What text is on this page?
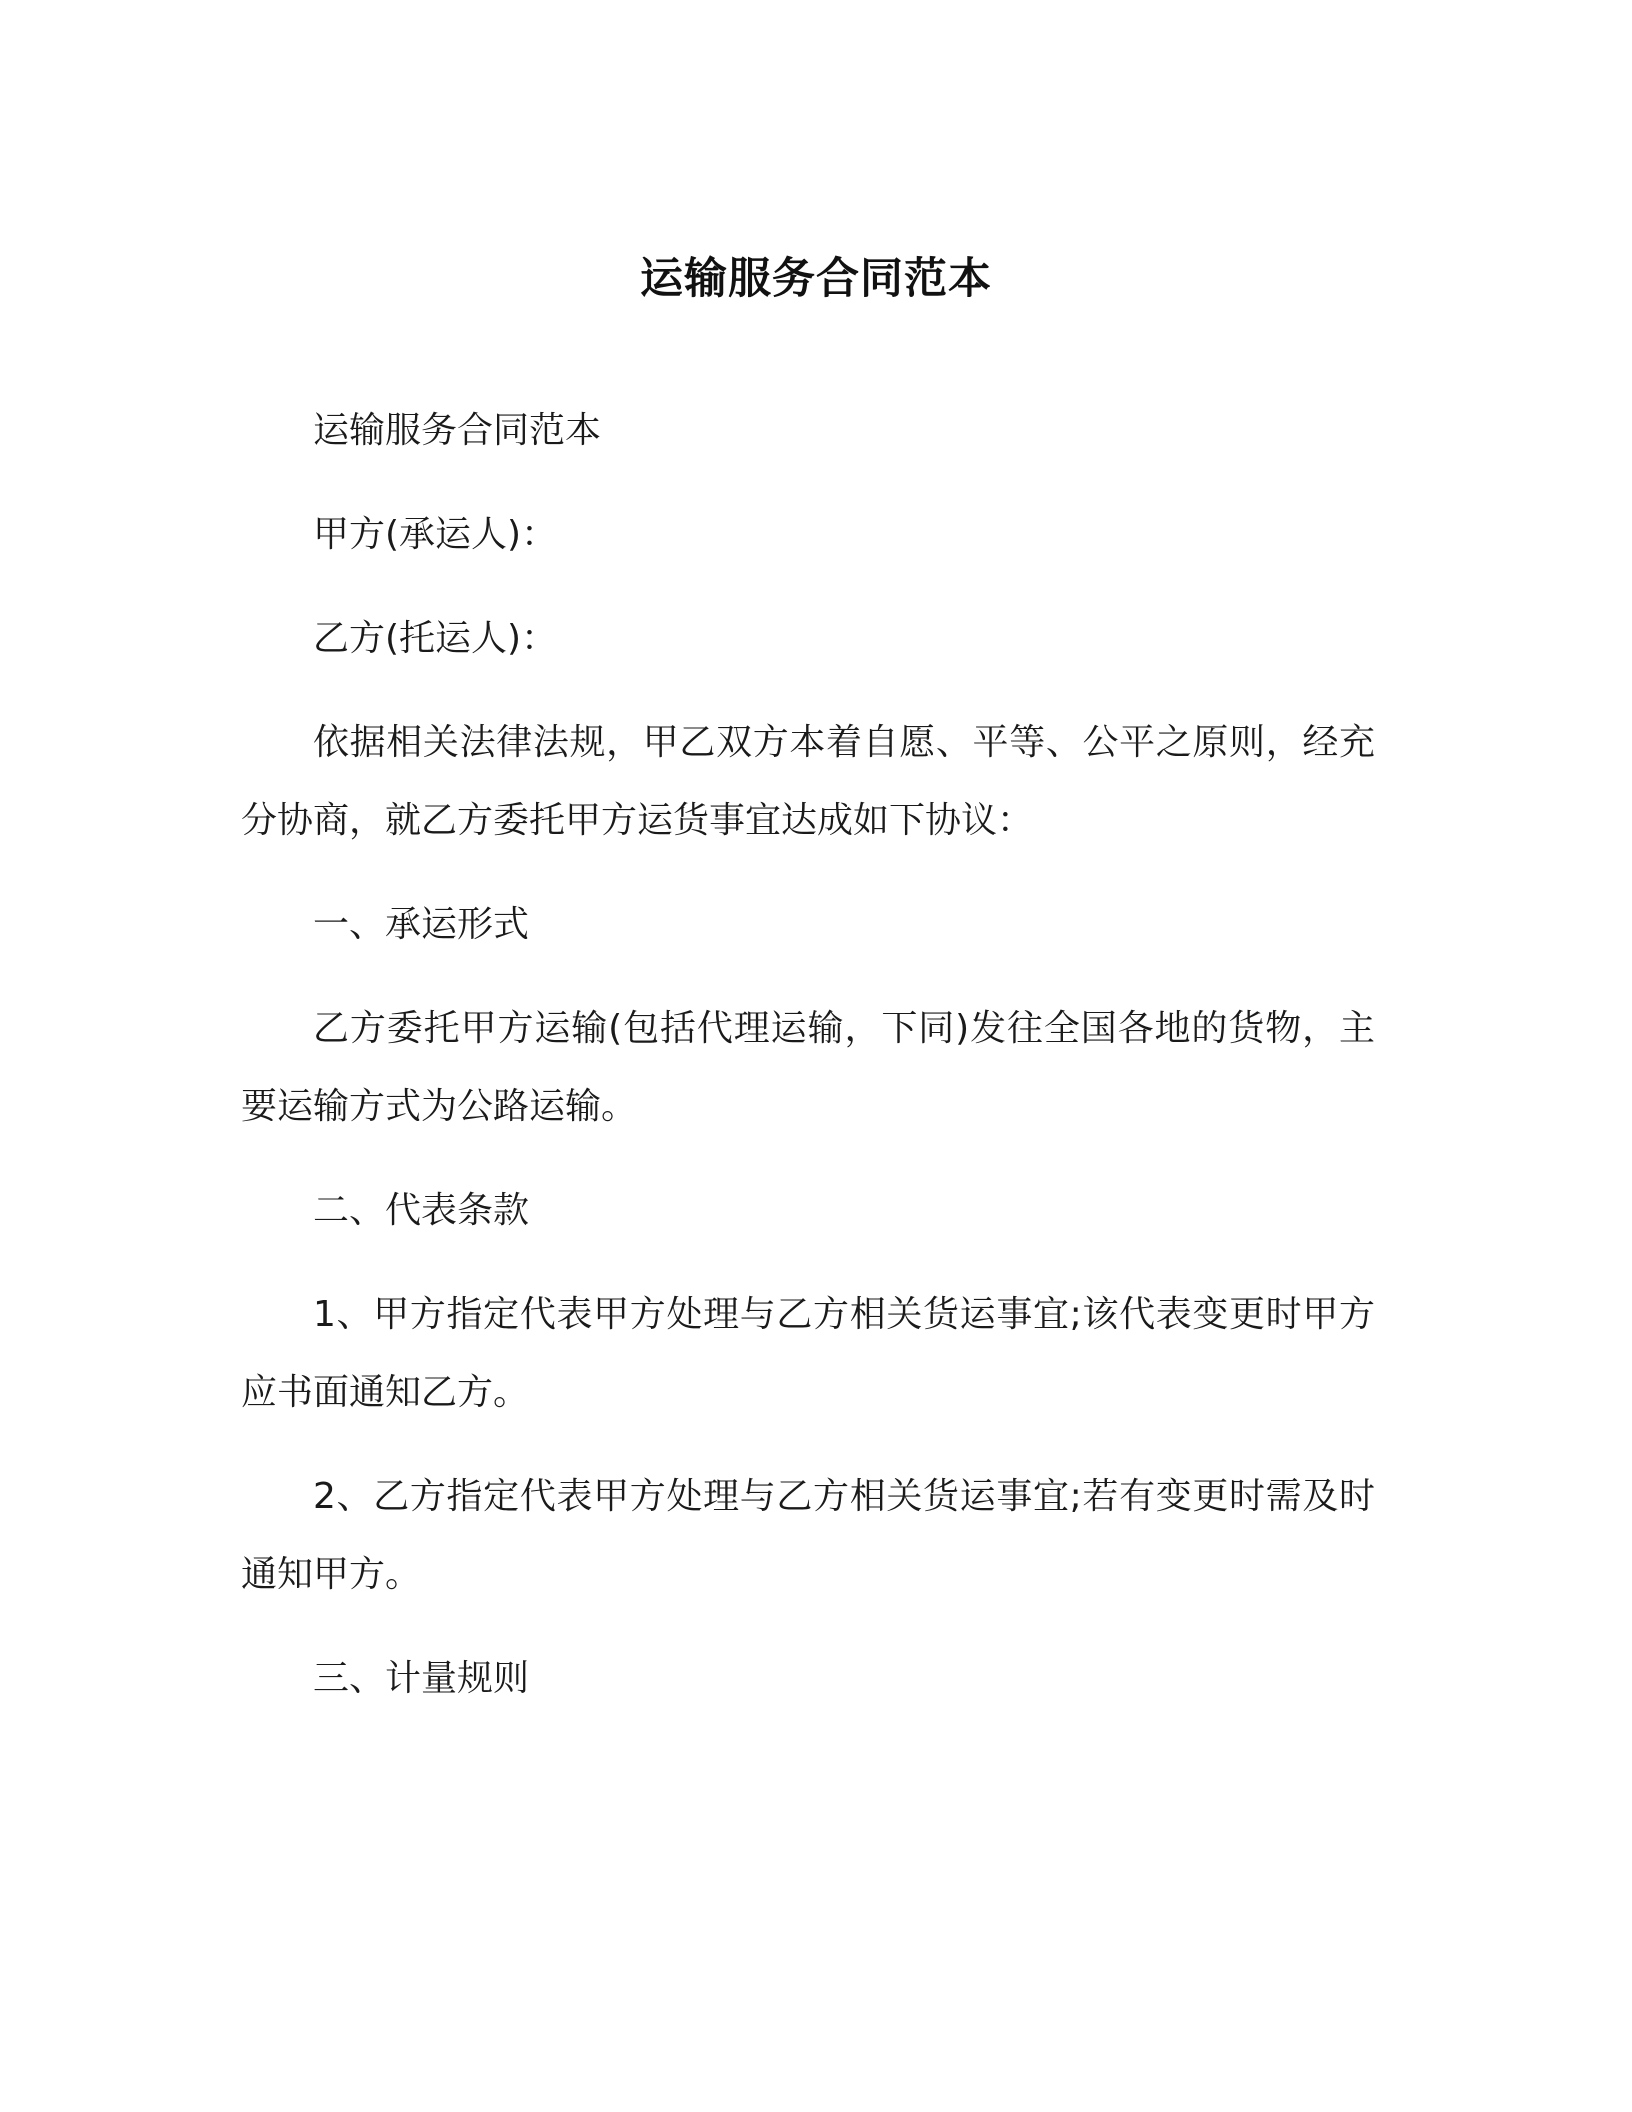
运输服务合同范本

运输服务合同范本

甲方(承运人)：

乙方(托运人)：

依据相关法律法规，甲乙双方本着自愿、平等、公平之原则，经充分协商，就乙方委托甲方运货事宜达成如下协议：

一、承运形式

乙方委托甲方运输(包括代理运输，下同)发往全国各地的货物，主要运输方式为公路运输。

二、代表条款

1、甲方指定代表甲方处理与乙方相关货运事宜;该代表变更时甲方应书面通知乙方。

2、乙方指定代表甲方处理与乙方相关货运事宜;若有变更时需及时通知甲方。

三、计量规则
